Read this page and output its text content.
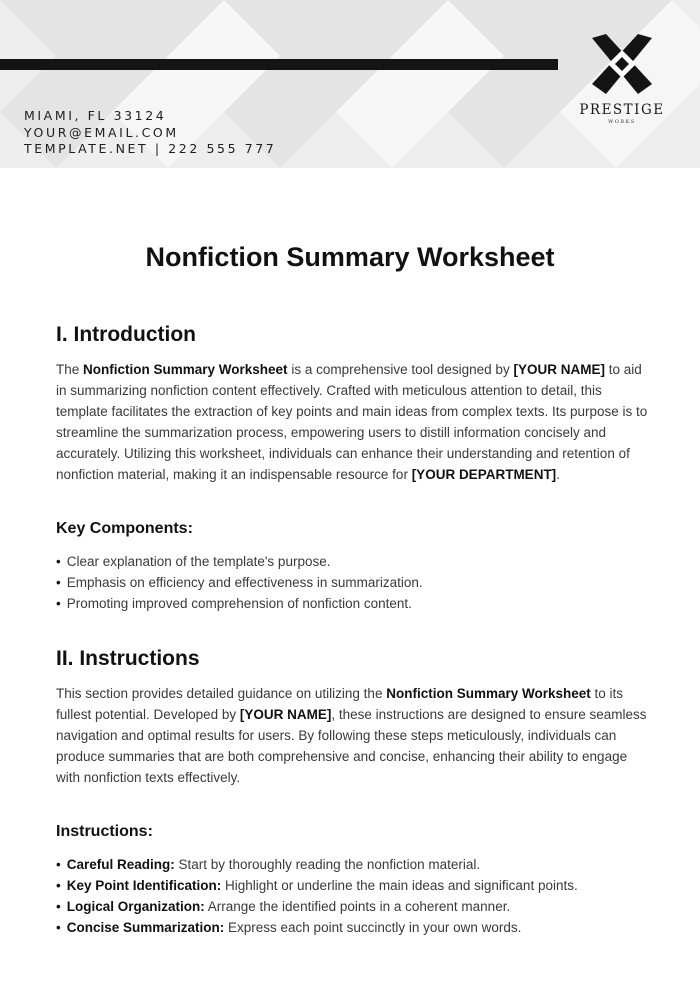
MIAMI, FL 33124
YOUR@EMAIL.COM
TEMPLATE.NET | 222 555 777
PRESTIGE
WORKS
Nonfiction Summary Worksheet
I. Introduction

The Nonfiction Summary Worksheet is a comprehensive tool designed by [YOUR NAME] to aid in summarizing nonfiction content effectively. Crafted with meticulous attention to detail, this template facilitates the extraction of key points and main ideas from complex texts. Its purpose is to streamline the summarization process, empowering users to distill information concisely and accurately. Utilizing this worksheet, individuals can enhance their understanding and retention of nonfiction material, making it an indispensable resource for [YOUR DEPARTMENT].

Key Components:
• Clear explanation of the template's purpose.
• Emphasis on efficiency and effectiveness in summarization.
• Promoting improved comprehension of nonfiction content.
II. Instructions

This section provides detailed guidance on utilizing the Nonfiction Summary Worksheet to its fullest potential. Developed by [YOUR NAME], these instructions are designed to ensure seamless navigation and optimal results for users. By following these steps meticulously, individuals can produce summaries that are both comprehensive and concise, enhancing their ability to engage with nonfiction texts effectively.

Instructions:
• Careful Reading: Start by thoroughly reading the nonfiction material.
• Key Point Identification: Highlight or underline the main ideas and significant points.
• Logical Organization: Arrange the identified points in a coherent manner.
• Concise Summarization: Express each point succinctly in your own words.
